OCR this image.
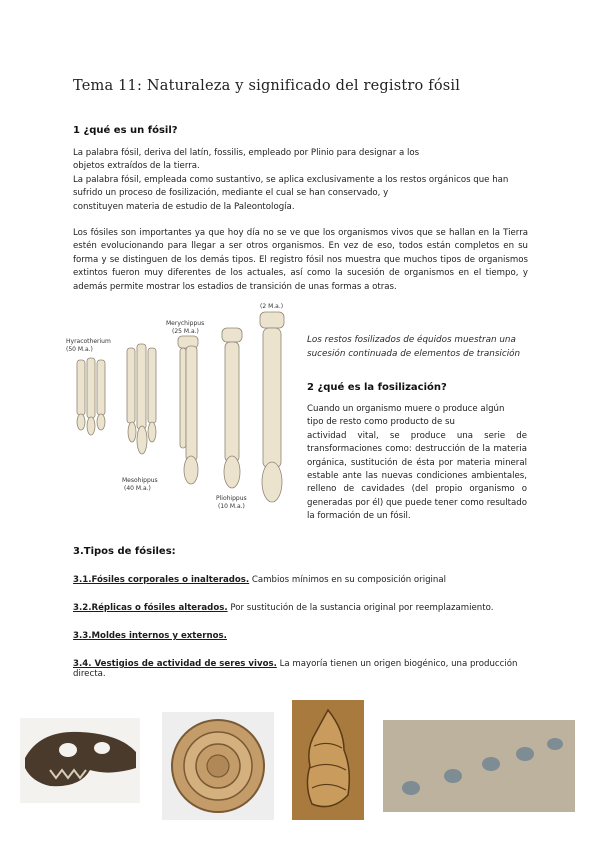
Tema 11: Naturaleza y significado del registro fósil
1 ¿qué es un fósil?
La palabra fósil, deriva del latín, fossilis, empleado por Plinio para designar a los
objetos extraídos de la tierra.
La palabra fósil, empleada como sustantivo, se aplica exclusivamente a los restos orgánicos que han
sufrido un proceso de fosilización, mediante el cual se han conservado, y
constituyen materia de estudio de la Paleontología.
Los fósiles son importantes ya que hoy día no se ve que los organismos vivos que se hallan en la Tierra estén evolucionando para llegar a ser otros organismos. En vez de eso, todos están completos en su forma y se distinguen de los demás tipos. El registro fósil nos muestra que muchos tipos de organismos extintos fueron muy diferentes de los actuales, así como la sucesión de organismos en el tiempo, y además permite mostrar los estadios de transición de unas formas a otras.
Hyracotherium
(50 M.a.)
Mesohippus
(40 M.a.)
Merychippus
(25 M.a.)
Pliohippus
(10 M.a.)
(2 M.a.)
Los restos fosilizados de équidos muestran una
sucesión continuada de elementos de transición
2 ¿qué es la fosilización?
Cuando un organismo muere o produce algún
tipo de resto como producto de su
actividad vital, se produce una serie de transformaciones como: destrucción de la materia orgánica, sustitución de ésta por materia mineral estable ante las nuevas condiciones ambientales, relleno de cavidades (del propio organismo o generadas por él) que puede tener como resultado la formación de un fósil.
3.Tipos de fósiles:
3.1.Fósiles corporales o inalterados. Cambios mínimos en su composición original
3.2.Réplicas o fósiles alterados. Por sustitución de la sustancia original por reemplazamiento.
3.3.Moldes internos y externos.
3.4. Vestigios de actividad de seres vivos. La mayoría tienen un origen biogénico, una producción directa.
